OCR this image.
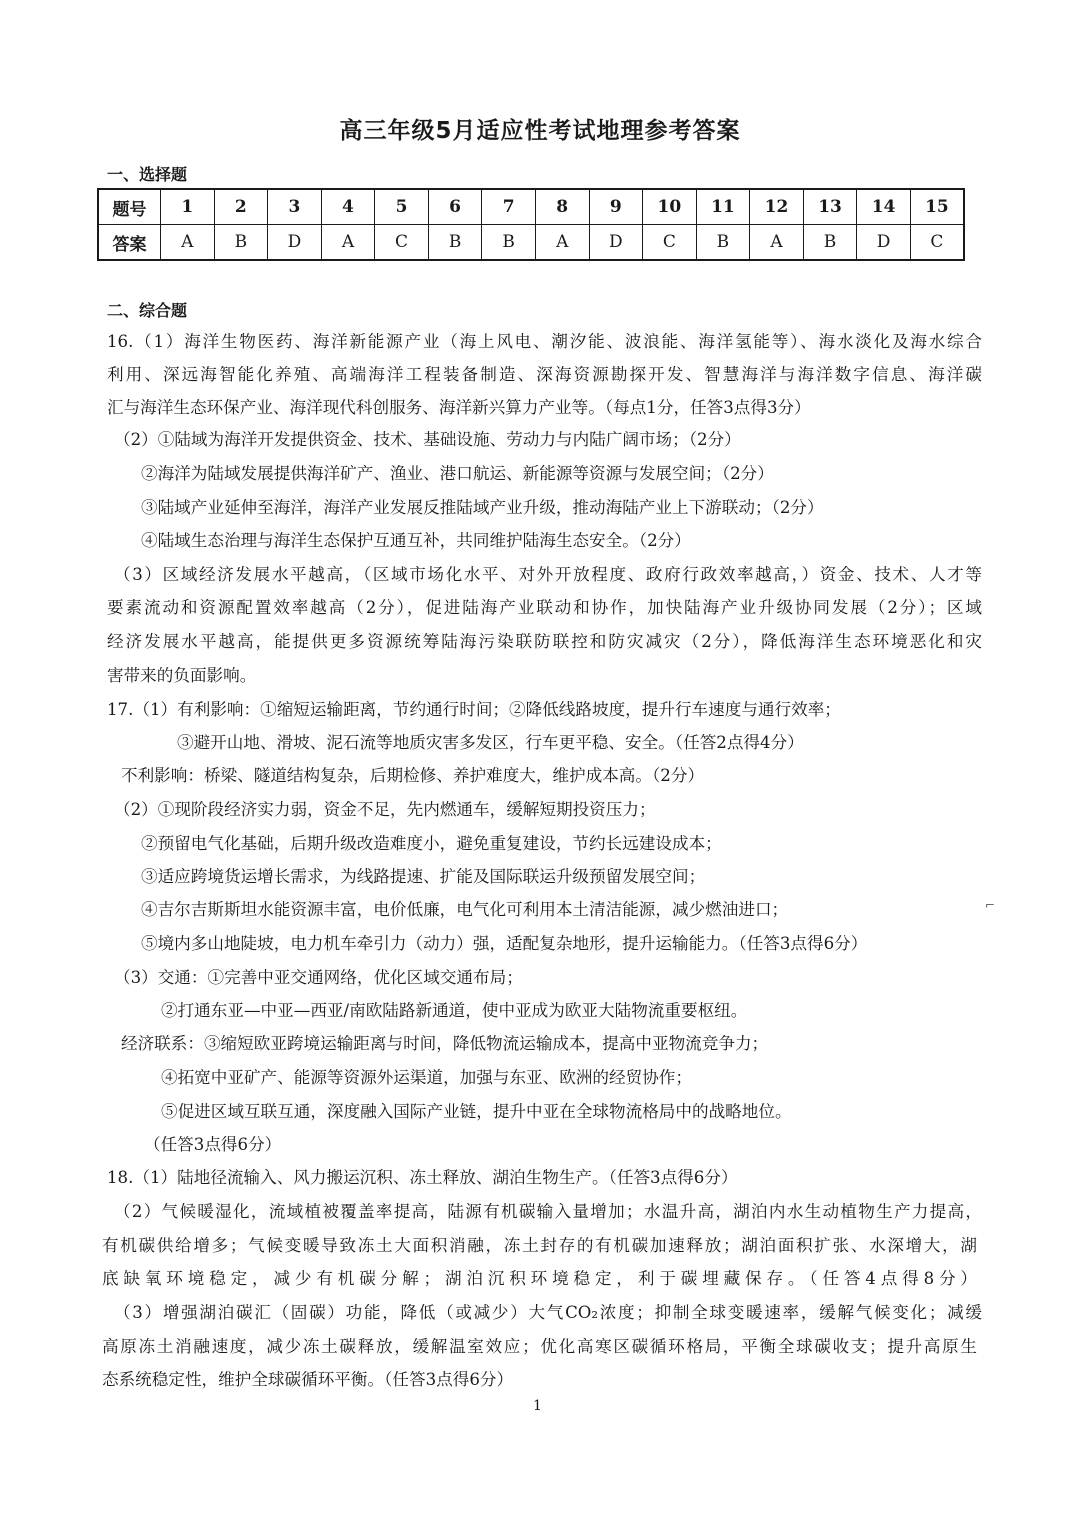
高三年级5月适应性考试地理参考答案
一、选择题
题号	1	2	3	4	5	6	7	8	9	10	11	12	13	14	15
答案	A	B	D	A	C	B	B	A	D	C	B	A	B	D	C
二、综合题
16.（1）海洋生物医药、海洋新能源产业（海上风电、潮汐能、波浪能、海洋氢能等）、海水淡化及海水综合
利用、深远海智能化养殖、高端海洋工程装备制造、深海资源勘探开发、智慧海洋与海洋数字信息、海洋碳
汇与海洋生态环保产业、海洋现代科创服务、海洋新兴算力产业等。（每点1分，任答3点得3分）
（2）①陆域为海洋开发提供资金、技术、基础设施、劳动力与内陆广阔市场；（2分）
②海洋为陆域发展提供海洋矿产、渔业、港口航运、新能源等资源与发展空间；（2分）
③陆域产业延伸至海洋，海洋产业发展反推陆域产业升级，推动海陆产业上下游联动；（2分）
④陆域生态治理与海洋生态保护互通互补，共同维护陆海生态安全。（2分）
（3）区域经济发展水平越高，（区域市场化水平、对外开放程度、政府行政效率越高，）资金、技术、人才等
要素流动和资源配置效率越高（2分），促进陆海产业联动和协作，加快陆海产业升级协同发展（2分）；区域
经济发展水平越高，能提供更多资源统筹陆海污染联防联控和防灾减灾（2分），降低海洋生态环境恶化和灾
害带来的负面影响。
17.（1）有利影响：①缩短运输距离，节约通行时间；②降低线路坡度，提升行车速度与通行效率；
③避开山地、滑坡、泥石流等地质灾害多发区，行车更平稳、安全。（任答2点得4分）
不利影响：桥梁、隧道结构复杂，后期检修、养护难度大，维护成本高。（2分）
（2）①现阶段经济实力弱，资金不足，先内燃通车，缓解短期投资压力；
②预留电气化基础，后期升级改造难度小，避免重复建设，节约长远建设成本；
③适应跨境货运增长需求，为线路提速、扩能及国际联运升级预留发展空间；
④吉尔吉斯斯坦水能资源丰富，电价低廉，电气化可利用本土清洁能源，减少燃油进口；
⑤境内多山地陡坡，电力机车牵引力（动力）强，适配复杂地形，提升运输能力。（任答3点得6分）
（3）交通：①完善中亚交通网络，优化区域交通布局；
②打通东亚—中亚—西亚/南欧陆路新通道，使中亚成为欧亚大陆物流重要枢纽。
经济联系：③缩短欧亚跨境运输距离与时间，降低物流运输成本，提高中亚物流竞争力；
④拓宽中亚矿产、能源等资源外运渠道，加强与东亚、欧洲的经贸协作；
⑤促进区域互联互通，深度融入国际产业链，提升中亚在全球物流格局中的战略地位。
（任答3点得6分）
18.（1）陆地径流输入、风力搬运沉积、冻土释放、湖泊生物生产。（任答3点得6分）
（2）气候暖湿化，流域植被覆盖率提高，陆源有机碳输入量增加；水温升高，湖泊内水生动植物生产力提高，
有机碳供给增多；气候变暖导致冻土大面积消融，冻土封存的有机碳加速释放；湖泊面积扩张、水深增大，湖
底缺氧环境稳定，减少有机碳分解；湖泊沉积环境稳定，利于碳埋藏保存。（任答4点得8分）
（3）增强湖泊碳汇（固碳）功能，降低（或减少）大气CO₂浓度；抑制全球变暖速率，缓解气候变化；减缓
高原冻土消融速度，减少冻土碳释放，缓解温室效应；优化高寒区碳循环格局，平衡全球碳收支；提升高原生
态系统稳定性，维护全球碳循环平衡。（任答3点得6分）
1
⌐
